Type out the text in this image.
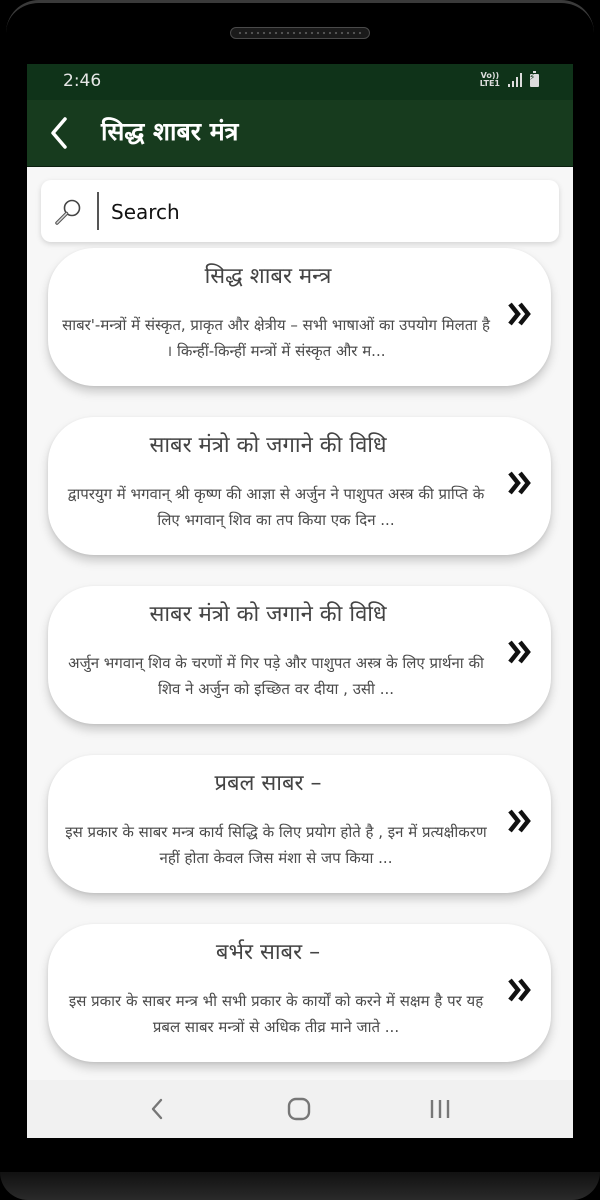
2:46	Vo))
LTE1
⚡
सिद्ध शाबर मंत्र
Search
सिद्ध शाबर मन्त्र
साबर'-मन्त्रों में संस्कृत, प्राकृत और क्षेत्रीय – सभी भाषाओं का उपयोग मिलता है । किन्हीं-किन्हीं मन्त्रों में संस्कृत और म...
साबर मंत्रो को जगाने की विधि
द्वापरयुग में भगवान् श्री कृष्ण की आज्ञा से अर्जुन ने पाशुपत अस्त्र की प्राप्ति के लिए भगवान् शिव का तप किया एक दिन ...
साबर मंत्रो को जगाने की विधि
अर्जुन भगवान् शिव के चरणों में गिर पड़े और पाशुपत अस्त्र के लिए प्रार्थना की शिव ने अर्जुन को इच्छित वर दीया , उसी ...
प्रबल साबर –
इस प्रकार के साबर मन्त्र कार्य सिद्धि के लिए प्रयोग होते है , इन में प्रत्यक्षीकरण नहीं होता केवल जिस मंशा से जप किया ...
बर्भर साबर –
इस प्रकार के साबर मन्त्र भी सभी प्रकार के कार्यों को करने में सक्षम है पर यह प्रबल साबर मन्त्रों से अधिक तीव्र माने जाते ...
